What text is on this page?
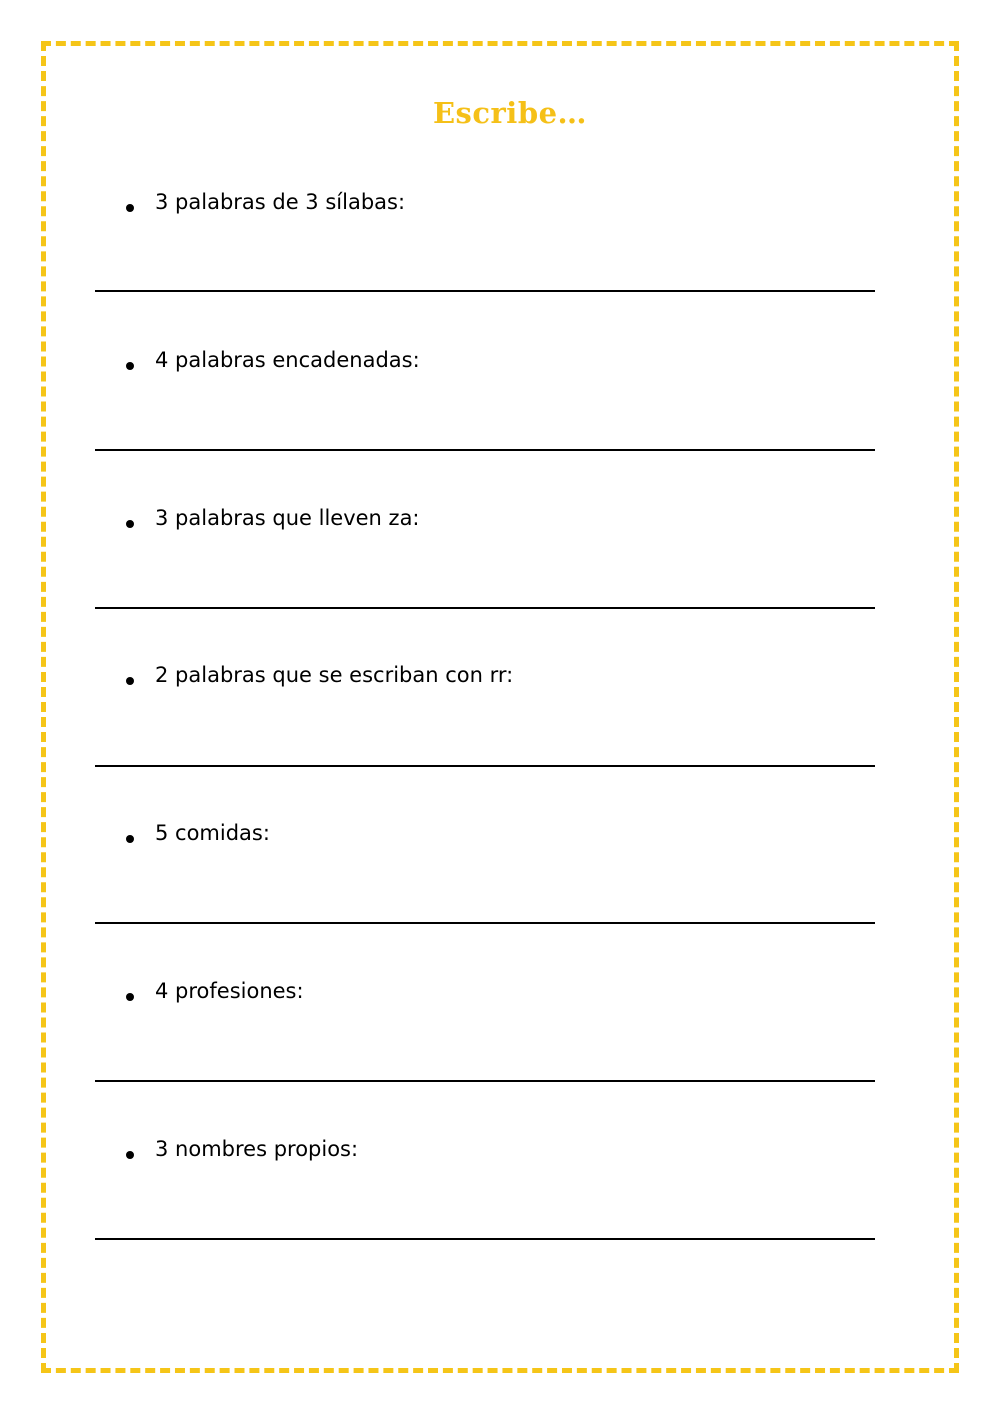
Escribe…
3 palabras de 3 sílabas:
4 palabras encadenadas:
3 palabras que lleven za:
2 palabras que se escriban con rr:
5 comidas:
4 profesiones:
3 nombres propios:
